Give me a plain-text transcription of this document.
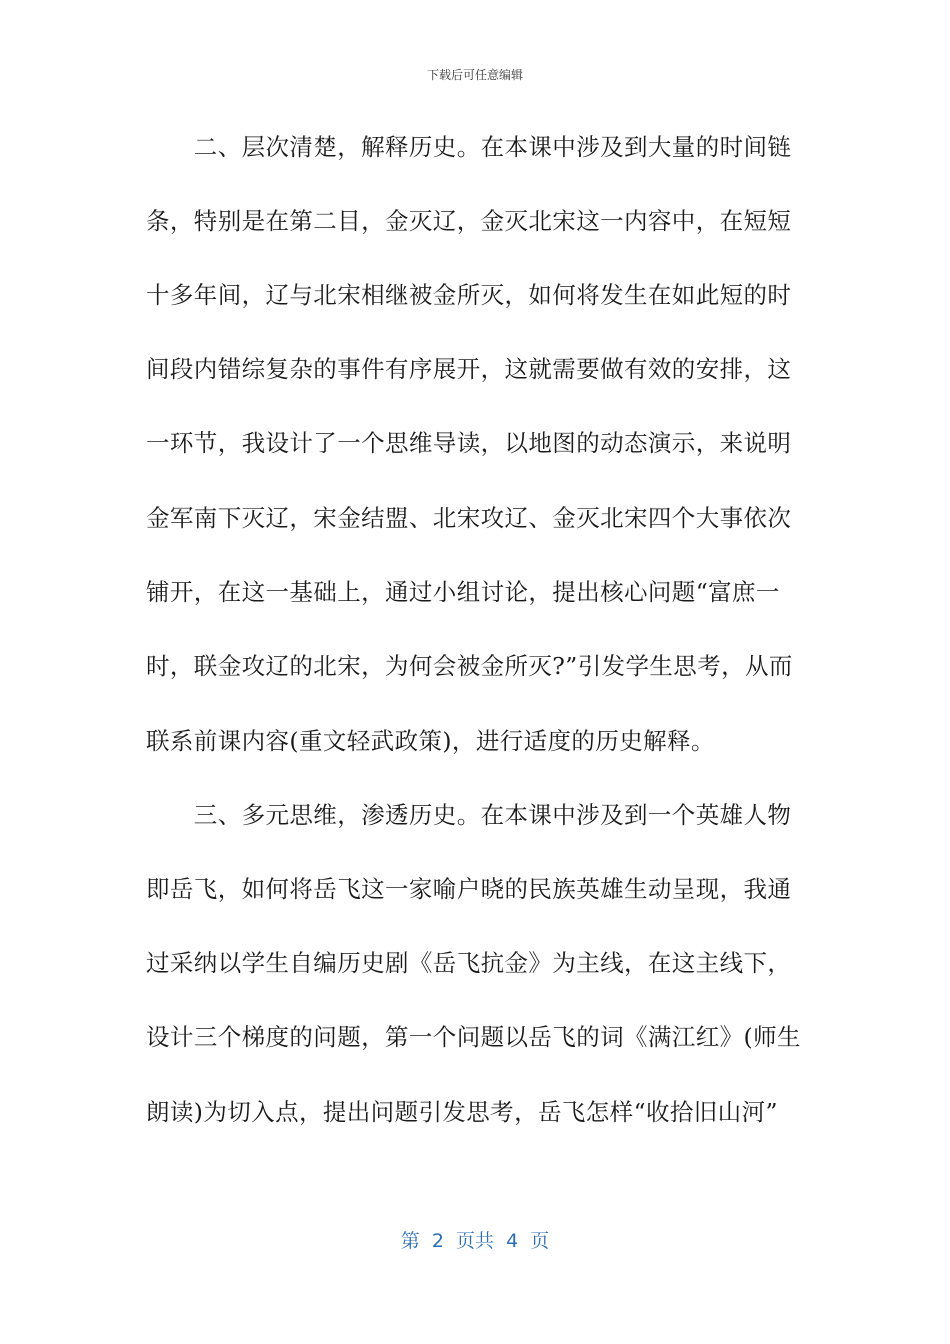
下载后可任意编辑
　　二、层次清楚，解释历史。在本课中涉及到大量的时间链
条，特别是在第二目，金灭辽，金灭北宋这一内容中，在短短
十多年间，辽与北宋相继被金所灭，如何将发生在如此短的时
间段内错综复杂的事件有序展开，这就需要做有效的安排，这
一环节，我设计了一个思维导读，以地图的动态演示，来说明
金军南下灭辽，宋金结盟、北宋攻辽、金灭北宋四个大事依次
铺开，在这一基础上，通过小组讨论，提出核心问题“富庶一
时，联金攻辽的北宋，为何会被金所灭?”引发学生思考，从而
联系前课内容(重文轻武政策)，进行适度的历史解释。
　　三、多元思维，渗透历史。在本课中涉及到一个英雄人物
即岳飞，如何将岳飞这一家喻户晓的民族英雄生动呈现，我通
过采纳以学生自编历史剧《岳飞抗金》为主线，在这主线下，
设计三个梯度的问题，第一个问题以岳飞的词《满江红》(师生
朗读)为切入点，提出问题引发思考，岳飞怎样“收拾旧山河”
第  2  页共  4  页
